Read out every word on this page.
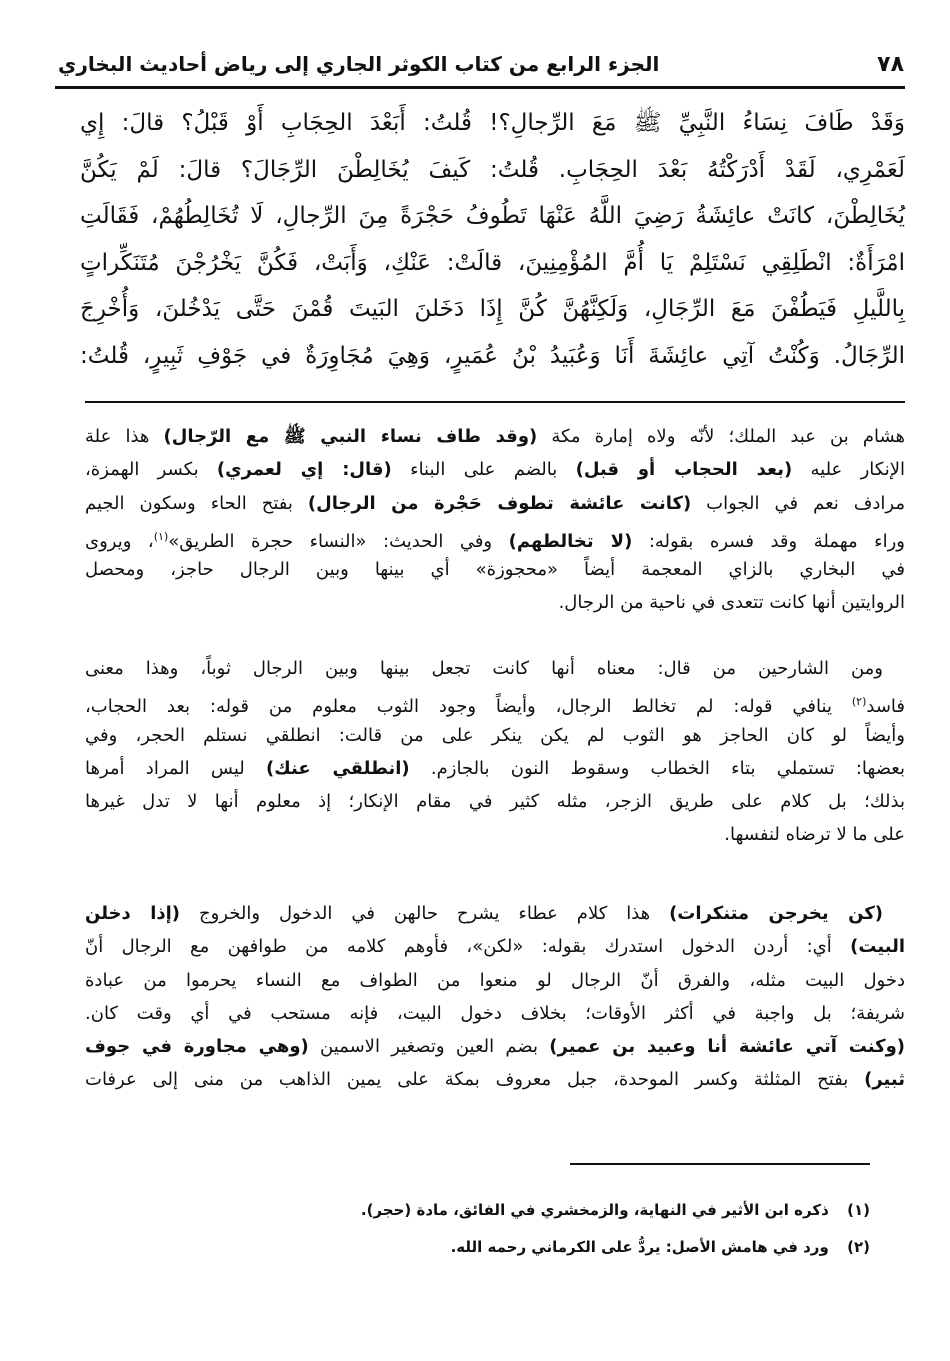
٧٨
الجزء الرابع من كتاب الكوثر الجاري إلى رياض أحاديث البخاري
وَقَدْ طَافَ نِسَاءُ النَّبِيِّ ﷺ مَعَ الرِّجالِ؟! قُلتُ: أَبَعْدَ الحِجَابِ أَوْ قَبْلُ؟ قالَ: إِي
لَعَمْرِي، لَقَدْ أَدْرَكْتُهُ بَعْدَ الحِجَابِ. قُلتُ: كَيفَ يُخَالِطْنَ الرِّجَالَ؟ قالَ: لَمْ يَكُنَّ
يُخَالِطْنَ، كانَتْ عائِشَةُ رَضِيَ اللَّهُ عَنْهَا تَطُوفُ حَجْرَةً مِنَ الرِّجالِ، لَا تُخَالِطُهُمْ، فَقَالَتِ
امْرَأَةٌ: انْطَلِقِي نَسْتَلِمْ يَا أُمَّ المُؤْمِنِينَ، قالَتْ: عَنْكِ، وَأَبَتْ، فَكُنَّ يَخْرُجْنَ مُتَنَكِّراتٍ
بِاللَّيلِ فَيَطُفْنَ مَعَ الرِّجَالِ، وَلَكِنَّهُنَّ كُنَّ إِذَا دَخَلنَ البَيتَ قُمْنَ حَتَّى يَدْخُلنَ، وَأُخْرِجَ
الرِّجَالُ. وَكُنْتُ آتِي عائِشَةَ أَنَا وَعُبَيدُ بْنُ عُمَيرٍ، وَهِيَ مُجَاوِرَةٌ في جَوْفِ ثَبِيرٍ، قُلتُ:
هشام بن عبد الملك؛ لأنّه ولاه إمارة مكة (وقد طاف نساء النبي ﷺ مع الرّجال) هذا علة
الإنكار عليه (بعد الحجاب أو قبل) بالضم على البناء (قال: إي لعمري) بكسر الهمزة،
مرادف نعم في الجواب (كانت عائشة تطوف حَجْرة من الرجال) بفتح الحاء وسكون الجيم
وراء مهملة وقد فسره بقوله: (لا تخالطهم) وفي الحديث: «النساء حجرة الطريق»$^{(١)}$، ويروى
في البخاري بالزاي المعجمة أيضاً «محجوزة» أي بينها وبين الرجال حاجز، ومحصل
الروايتين أنها كانت تتعدى في ناحية من الرجال.
ومن الشارحين من قال: معناه أنها كانت تجعل بينها وبين الرجال ثوباً، وهذا معنى
فاسد$^{(٢)}$ ينافي قوله: لم تخالط الرجال، وأيضاً وجود الثوب معلوم من قوله: بعد الحجاب،
وأيضاً لو كان الحاجز هو الثوب لم يكن ينكر على من قالت: انطلقي نستلم الحجر، وفي
بعضها: تستملي بتاء الخطاب وسقوط النون بالجازم. (انطلقي عنك) ليس المراد أمرها
بذلك؛ بل كلام على طريق الزجر، مثله كثير في مقام الإنكار؛ إذ معلوم أنها لا تدل غيرها
على ما لا ترضاه لنفسها.
(كن يخرجن متنكرات) هذا كلام عطاء يشرح حالهن في الدخول والخروج (إذا دخلن
البيت) أي: أردن الدخول استدرك بقوله: «لكن»، فأوهم كلامه من طوافهن مع الرجال أنّ
دخول البيت مثله، والفرق أنّ الرجال لو منعوا من الطواف مع النساء يحرموا من عبادة
شريفة؛ بل واجبة في أكثر الأوقات؛ بخلاف دخول البيت، فإنه مستحب في أي وقت كان.
(وكنت آتي عائشة أنا وعبيد بن عمير) بضم العين وتصغير الاسمين (وهي مجاورة في جوف
ثبير) بفتح المثلثة وكسر الموحدة، جبل معروف بمكة على يمين الذاهب من منى إلى عرفات
(١) ذكره ابن الأثير في النهاية، والزمخشري في الفائق، مادة (حجر).
(٢) ورد في هامش الأصل: يردُّ على الكرماني رحمه الله.
